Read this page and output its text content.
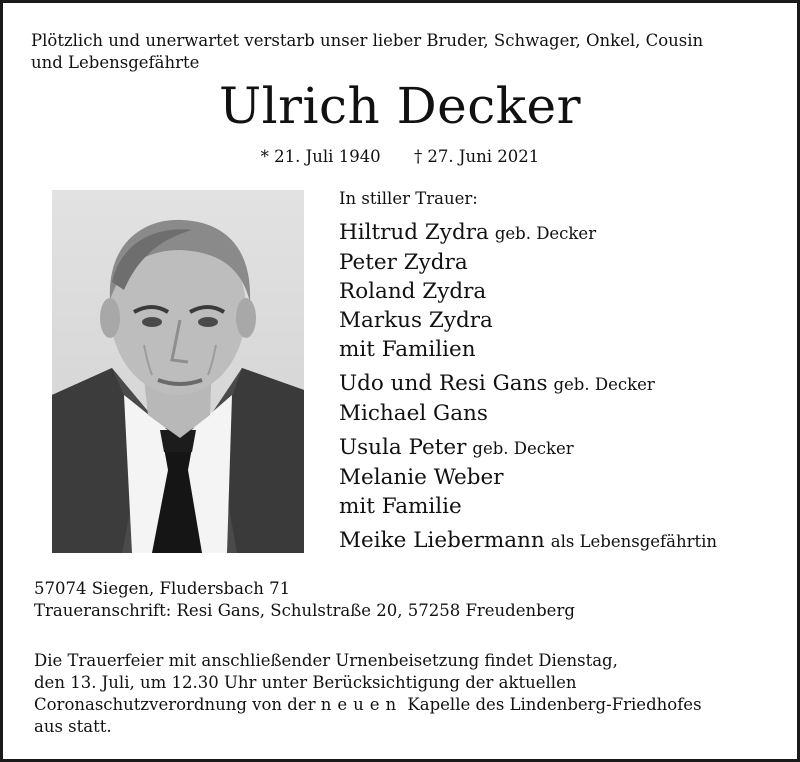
Plötzlich und unerwartet verstarb unser lieber Bruder, Schwager, Onkel, Cousin
und Lebensgefährte
Ulrich Decker
* 21. Juli 1940 † 27. Juni 2021
In stiller Trauer:
Hiltrud Zydra geb. Decker
Peter Zydra
Roland Zydra
Markus Zydra
mit Familien
Udo und Resi Gans geb. Decker
Michael Gans
Usula Peter geb. Decker
Melanie Weber
mit Familie
Meike Liebermann als Lebensgefährtin
57074 Siegen, Fludersbach 71
Traueranschrift: Resi Gans, Schulstraße 20, 57258 Freudenberg
Die Trauerfeier mit anschließender Urnenbeisetzung findet Dienstag,
den 13. Juli, um 12.30 Uhr unter Berücksichtigung der aktuellen
Coronaschutzverordnung von der neuen Kapelle des Lindenberg-Friedhofes
aus statt.
